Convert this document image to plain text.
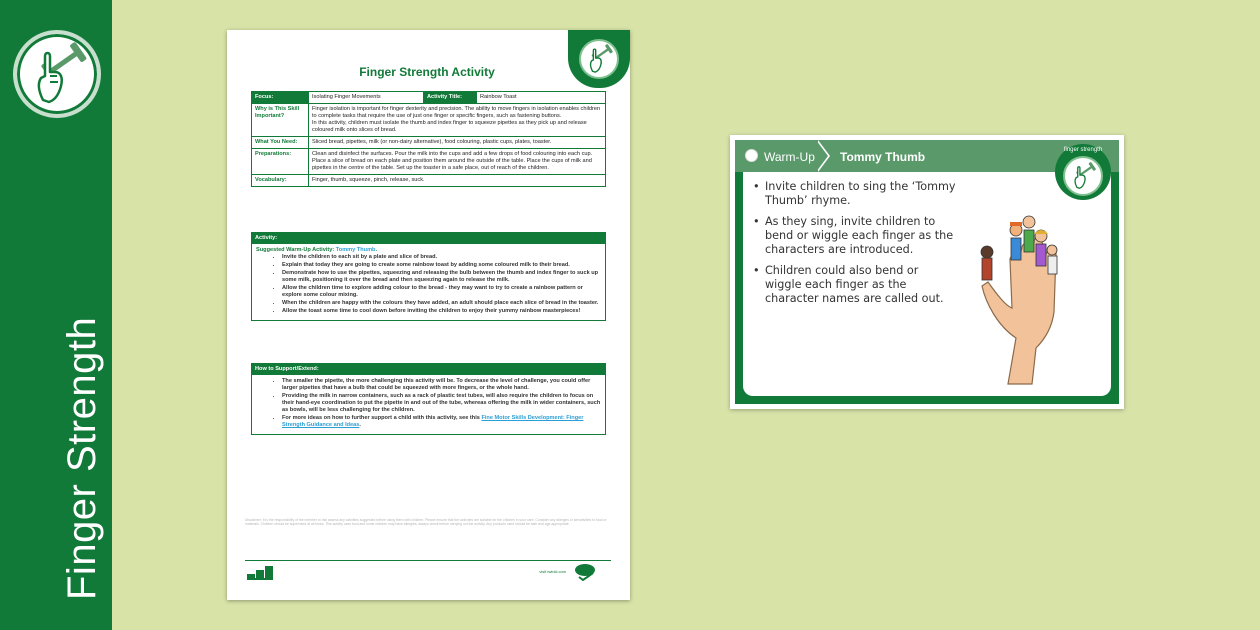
Finger Strength
Finger Strength Activity
Focus:	Isolating Finger Movements	Activity Title:	Rainbow Toast
Why is This Skill Important?	Finger isolation is important for finger dexterity and precision. The ability to move fingers in isolation enables children to complete tasks that require the use of just one finger or specific fingers, such as fastening buttons.
In this activity, children must isolate the thumb and index finger to squeeze pipettes as they pick up and release coloured milk onto slices of bread.		

What You Need:	Sliced bread, pipettes, milk (or non-dairy alternative), food colouring, plastic cups, plates, toaster.		
Preparations:	Clean and disinfect the surfaces. Pour the milk into the cups and add a few drops of food colouring into each cup. Place a slice of bread on each plate and position them around the outside of the table. Place the cups of milk and pipettes in the centre of the table. Set up the toaster in a safe place, out of reach of the children.		
Vocabulary:	Finger, thumb, squeeze, pinch, release, suck.		
Activity:
Suggested Warm-Up Activity: Tommy Thumb.
• Invite the children to each sit by a plate and slice of bread.
• Explain that today they are going to create some rainbow toast by adding some coloured milk to their bread.
• Demonstrate how to use the pipettes, squeezing and releasing the bulb between the thumb and index finger to suck up some milk, positioning it over the bread and then squeezing again to release the milk.
• Allow the children time to explore adding colour to the bread - they may want to try to create a rainbow pattern or explore some colour mixing.
• When the children are happy with the colours they have added, an adult should place each slice of bread in the toaster.
• Allow the toast some time to cool down before inviting the children to enjoy their yummy rainbow masterpieces!
How to Support/Extend:
• The smaller the pipette, the more challenging this activity will be. To decrease the level of challenge, you could offer larger pipettes that have a bulb that could be squeezed with more fingers, or the whole hand.
• Providing the milk in narrow containers, such as a rack of plastic test tubes, will also require the children to focus on their hand-eye coordination to put the pipette in and out of the tube, whereas offering the milk in wider containers, such as bowls, will be less challenging for the children.
• For more ideas on how to further support a child with this activity, see this Fine Motor Skills Development: Finger Strength Guidance and Ideas.
Disclaimer: It is the responsibility of the member to risk assess any activities suggested before using them with children. Please ensure that the activities are suitable for the children in your care. Consider any allergies or sensitivities to food or materials. Children should be supervised at all times. This activity uses food and some children may have allergies; always check before carrying out the activity. Any products used should be safe and age-appropriate.
visit twinkl.com
Warm-Up Tommy Thumb
• Invite children to sing the ‘Tommy Thumb’ rhyme.
• As they sing, invite children to bend or wiggle each finger as the characters are introduced.
• Children could also bend or wiggle each finger as the character names are called out.
finger strength
